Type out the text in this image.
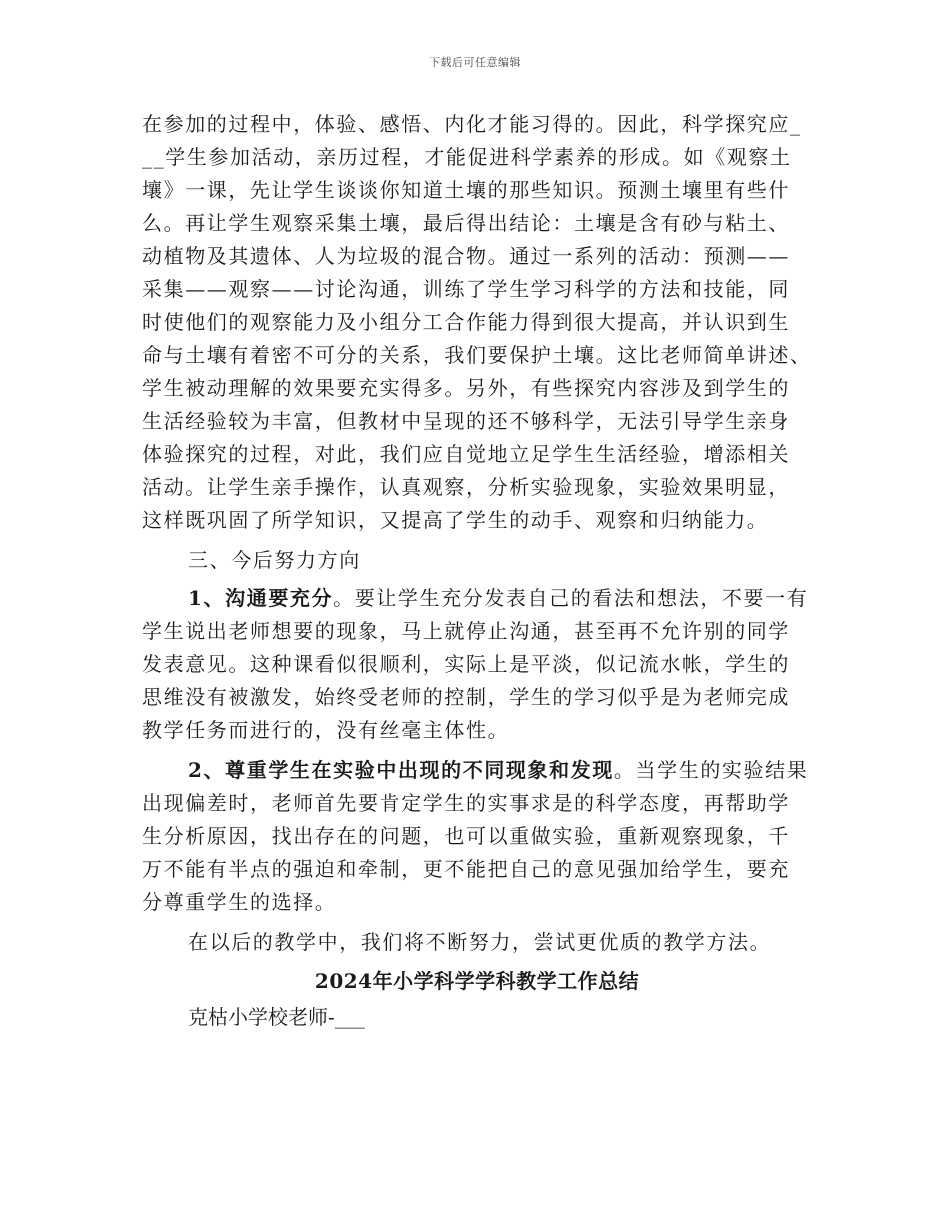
下载后可任意编辑
在参加的过程中，体验、感悟、内化才能习得的。因此，科学探究应_
__学生参加活动，亲历过程，才能促进科学素养的形成。如《观察土
壤》一课，先让学生谈谈你知道土壤的那些知识。预测土壤里有些什
么。再让学生观察采集土壤，最后得出结论：土壤是含有砂与粘土、
动植物及其遗体、人为垃圾的混合物。通过一系列的活动：预测——
采集——观察——讨论沟通，训练了学生学习科学的方法和技能，同
时使他们的观察能力及小组分工合作能力得到很大提高，并认识到生
命与土壤有着密不可分的关系，我们要保护土壤。这比老师简单讲述、
学生被动理解的效果要充实得多。另外，有些探究内容涉及到学生的
生活经验较为丰富，但教材中呈现的还不够科学，无法引导学生亲身
体验探究的过程，对此，我们应自觉地立足学生生活经验，增添相关
活动。让学生亲手操作，认真观察，分析实验现象，实验效果明显，
这样既巩固了所学知识，又提高了学生的动手、观察和归纳能力。
三、今后努力方向
1、沟通要充分。要让学生充分发表自己的看法和想法，不要一有
学生说出老师想要的现象，马上就停止沟通，甚至再不允许别的同学
发表意见。这种课看似很顺利，实际上是平淡，似记流水帐，学生的
思维没有被激发，始终受老师的控制，学生的学习似乎是为老师完成
教学任务而进行的，没有丝毫主体性。
2、尊重学生在实验中出现的不同现象和发现。当学生的实验结果
出现偏差时，老师首先要肯定学生的实事求是的科学态度，再帮助学
生分析原因，找出存在的问题，也可以重做实验，重新观察现象，千
万不能有半点的强迫和牵制，更不能把自己的意见强加给学生，要充
分尊重学生的选择。
在以后的教学中，我们将不断努力，尝试更优质的教学方法。
2024年小学科学学科教学工作总结
克枯小学校老师-___
